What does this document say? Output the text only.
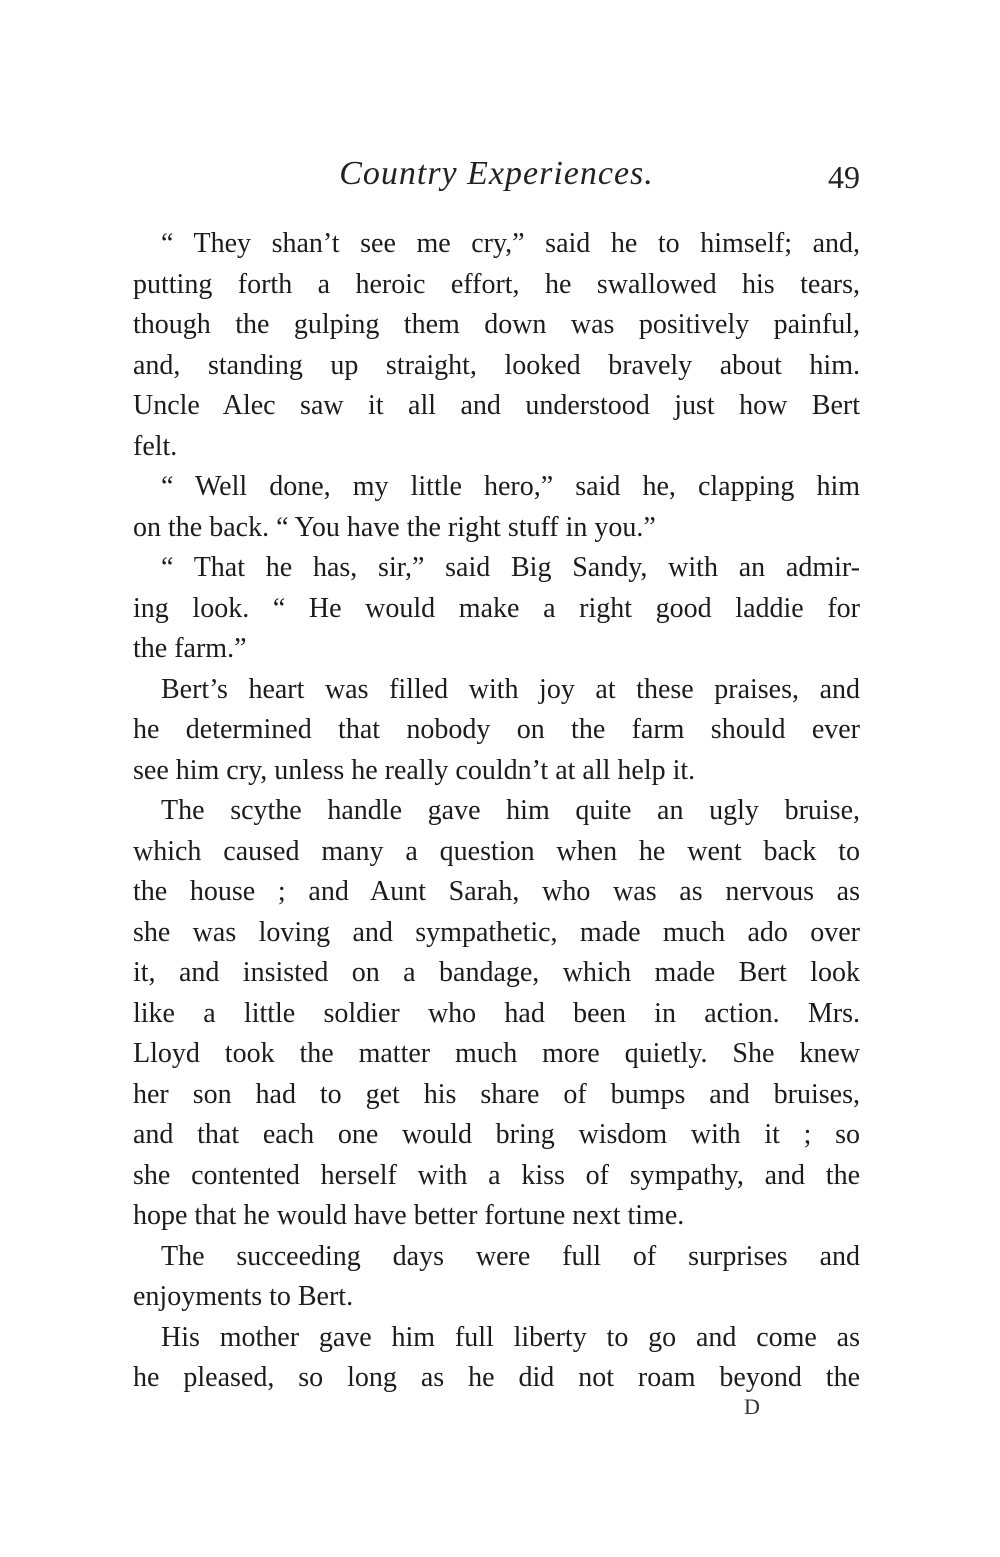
Country Experiences.	49
“ They shan’t see me cry,” said he to himself; and,
putting forth a heroic effort, he swallowed his tears,
though the gulping them down was positively painful,
and, standing up straight, looked bravely about him.
Uncle Alec saw it all and understood just how Bert
felt.
“ Well done, my little hero,” said he, clapping him
on the back. “ You have the right stuff in you.”
“ That he has, sir,” said Big Sandy, with an admir-
ing look. “ He would make a right good laddie for
the farm.”
Bert’s heart was filled with joy at these praises, and
he determined that nobody on the farm should ever
see him cry, unless he really couldn’t at all help it.
The scythe handle gave him quite an ugly bruise,
which caused many a question when he went back to
the house ; and Aunt Sarah, who was as nervous as
she was loving and sympathetic, made much ado over
it, and insisted on a bandage, which made Bert look
like a little soldier who had been in action. Mrs.
Lloyd took the matter much more quietly. She knew
her son had to get his share of bumps and bruises,
and that each one would bring wisdom with it ; so
she contented herself with a kiss of sympathy, and the
hope that he would have better fortune next time.
The succeeding days were full of surprises and
enjoyments to Bert.
His mother gave him full liberty to go and come as
he pleased, so long as he did not roam beyond the
D
